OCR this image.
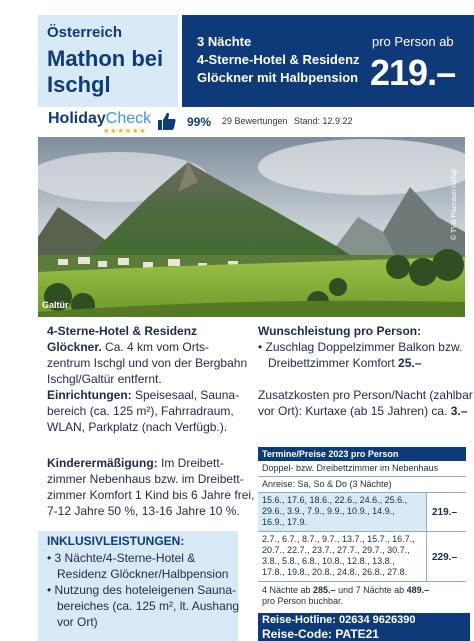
Österreich
Mathon bei
Ischgl
3 Nächte
4-Sterne-Hotel & Residenz
Glöckner mit Halbpension
pro Person ab
219.–
HolidayCheck
★★★★★★
99% 29 Bewertungen Stand: 12.9.22
Galtür
© TVB Paznaun-Ischgl
4-Sterne-Hotel & Residenz
Glöckner. Ca. 4 km vom Orts-
zentrum Ischgl und von der Bergbahn
Ischgl/Galtür entfernt.
Einrichtungen: Speisesaal, Sauna-
bereich (ca. 125 m²), Fahrradraum,
WLAN, Parkplatz (nach Verfügb.).
Kinderermäßigung: Im Dreibett-
zimmer Nebenhaus bzw. im Dreibett-
zimmer Komfort 1 Kind bis 6 Jahre frei,
7-12 Jahre 50 %, 13-16 Jahre 10 %.
INKLUSIVLEISTUNGEN:
• 3 Nächte/4-Sterne-Hotel &
Residenz Glöckner/Halbpension
• Nutzung des hoteleigenen Sauna-
bereiches (ca. 125 m², lt. Aushang
vor Ort)
Wunschleistung pro Person:
• Zuschlag Doppelzimmer Balkon bzw.
Dreibettzimmer Komfort 25.–
Zusatzkosten pro Person/Nacht (zahlbar
vor Ort): Kurtaxe (ab 15 Jahren) ca. 3.–
Termine/Preise 2023 pro Person
Doppel- bzw. Dreibettzimmer im Nebenhaus
Anreise: Sa, So & Do (3 Nächte)
15.6., 17.6, 18.6., 22.6., 24.6., 25.6.,
29.6., 3.9., 7.9., 9.9., 10.9., 14.9.,
16.9., 17.9.
219.–
2.7., 6.7., 8.7., 9.7., 13.7., 15.7., 16.7.,
20.7., 22.7., 23.7., 27.7., 29.7., 30.7.,
3.8., 5.8., 6.8., 10.8., 12.8., 13.8.,
17.8., 19.8., 20.8., 24.8., 26.8., 27.8.
229.–
4 Nächte ab 285.– und 7 Nächte ab 489.–
pro Person buchbar.
Reise-Hotline: 02634 9626390
Reise-Code: PATE21
